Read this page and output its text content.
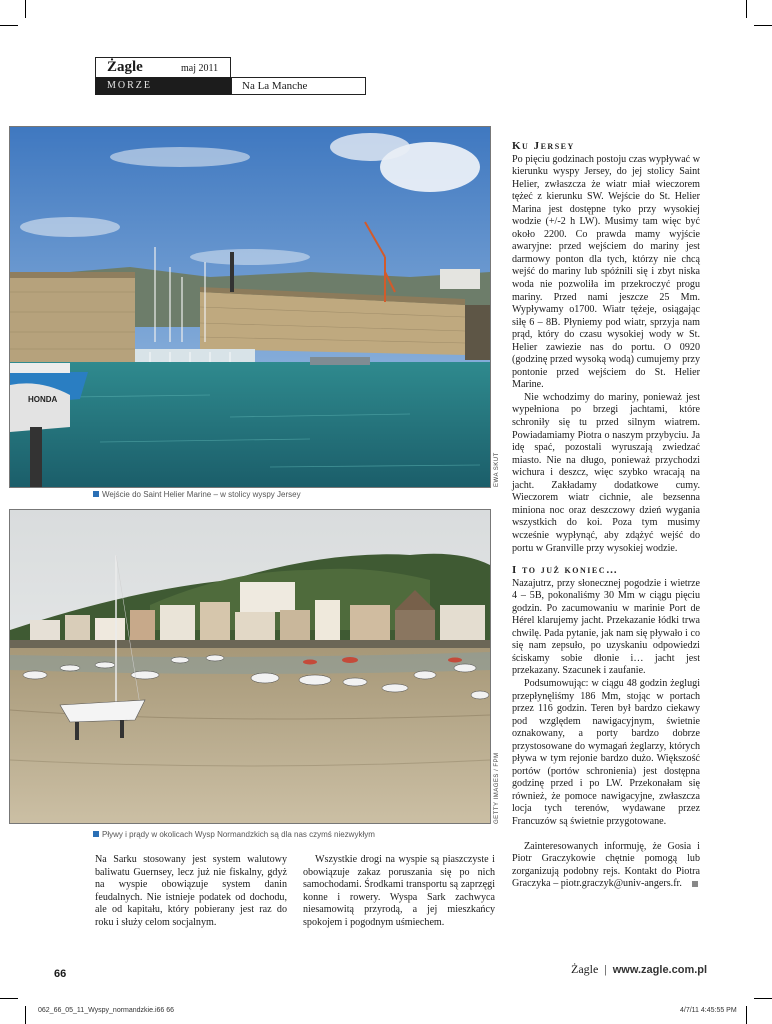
Żagle	maj 2011
MORZE	Na La Manche
HONDA
Wejście do Saint Helier Marine – w stolicy wyspy Jersey
EWA SKUT
Pływy i prądy w okolicach Wysp Normandzkich są dla nas czymś niezwykłym
GETTY IMAGES / FPM
Ku Jersey

Po pięciu godzinach postoju czas wypływać w kierunku wyspy Jersey, do jej stolicy Saint Helier, zwłaszcza że wiatr miał wieczorem tężeć z kierunku SW. Wejście do St. Helier Marina jest dostępne tyko przy wysokiej wodzie (+/-2 h LW). Musimy tam więc być około 2200. Co prawda mamy wyjście awaryjne: przed wejściem do mariny jest darmowy ponton dla tych, którzy nie chcą wejść do mariny lub spóźnili się i zbyt niska woda nie pozwoliła im przekroczyć progu mariny. Przed nami jeszcze 25 Mm. Wypływamy o1700. Wiatr tężeje, osiągając siłę 6 – 8B. Płyniemy pod wiatr, sprzyja nam prąd, który do czasu wysokiej wody w St. Helier zawiezie nas do portu. O 0920 (godzinę przed wysoką wodą) cumujemy przy pontonie przed wejściem do St. Helier Marine.

Nie wchodzimy do mariny, ponieważ jest wypełniona po brzegi jachtami, które schroniły się tu przed silnym wiatrem. Powiadamiamy Piotra o naszym przybyciu. Ja idę spać, pozostali wyruszają zwiedzać miasto. Nie na długo, ponieważ przychodzi wichura i deszcz, więc szybko wracają na jacht. Zakładamy dodatkowe cumy. Wieczorem wiatr cichnie, ale bezsenna miniona noc oraz deszczowy dzień wygania wszystkich do koi. Poza tym musimy wcześnie wypłynąć, aby zdążyć wejść do portu w Granville przy wysokiej wodzie.

I to już koniec…

Nazajutrz, przy słonecznej pogodzie i wietrze 4 – 5B, pokonaliśmy 30 Mm w ciągu pięciu godzin. Po zacumowaniu w marinie Port de Hérel klarujemy jacht. Przekazanie łódki trwa chwilę. Pada pytanie, jak nam się pływało i co się nam zepsuło, po uzyskaniu odpowiedzi ściskamy sobie dłonie i… jacht jest przekazany. Szacunek i zaufanie.

Podsumowując: w ciągu 48 godzin żeglugi przepłynęliśmy 186 Mm, stojąc w portach przez 116 godzin. Teren był bardzo ciekawy pod względem nawigacyjnym, świetnie oznakowany, a porty bardzo dobrze przystosowane do wymagań żeglarzy, których pływa w tym rejonie bardzo dużo. Większość portów (portów schronienia) jest dostępna godzinę przed i po LW. Przekonałam się również, że pomoce nawigacyjne, zwłaszcza locja tych terenów, wydawane przez Francuzów są świetnie przygotowane.

Zainteresowanych informuję, że Gosia i Piotr Graczykowie chętnie pomogą lub zorganizują podobny rejs. Kontakt do Piotra Graczyka – piotr.graczyk@univ-angers.fr.

Na Sarku stosowany jest system walutowy baliwatu Guernsey, lecz już nie fiskalny, gdyż na wyspie obowiązuje system danin feudalnych. Nie istnieje podatek od dochodu, ale od kapitału, który pobierany jest raz do roku i służy celom socjalnym.

Wszystkie drogi na wyspie są piaszczyste i obowiązuje zakaz poruszania się po nich samochodami. Środkami transportu są zaprzęgi konne i rowery. Wyspa Sark zachwyca niesamowitą przyrodą, a jej mieszkańcy spokojem i pogodnym uśmiechem.

66	Żagle | www.zagle.com.pl
062_66_05_11_Wyspy_normandzkie.i66 66	4/7/11 4:45:55 PM
